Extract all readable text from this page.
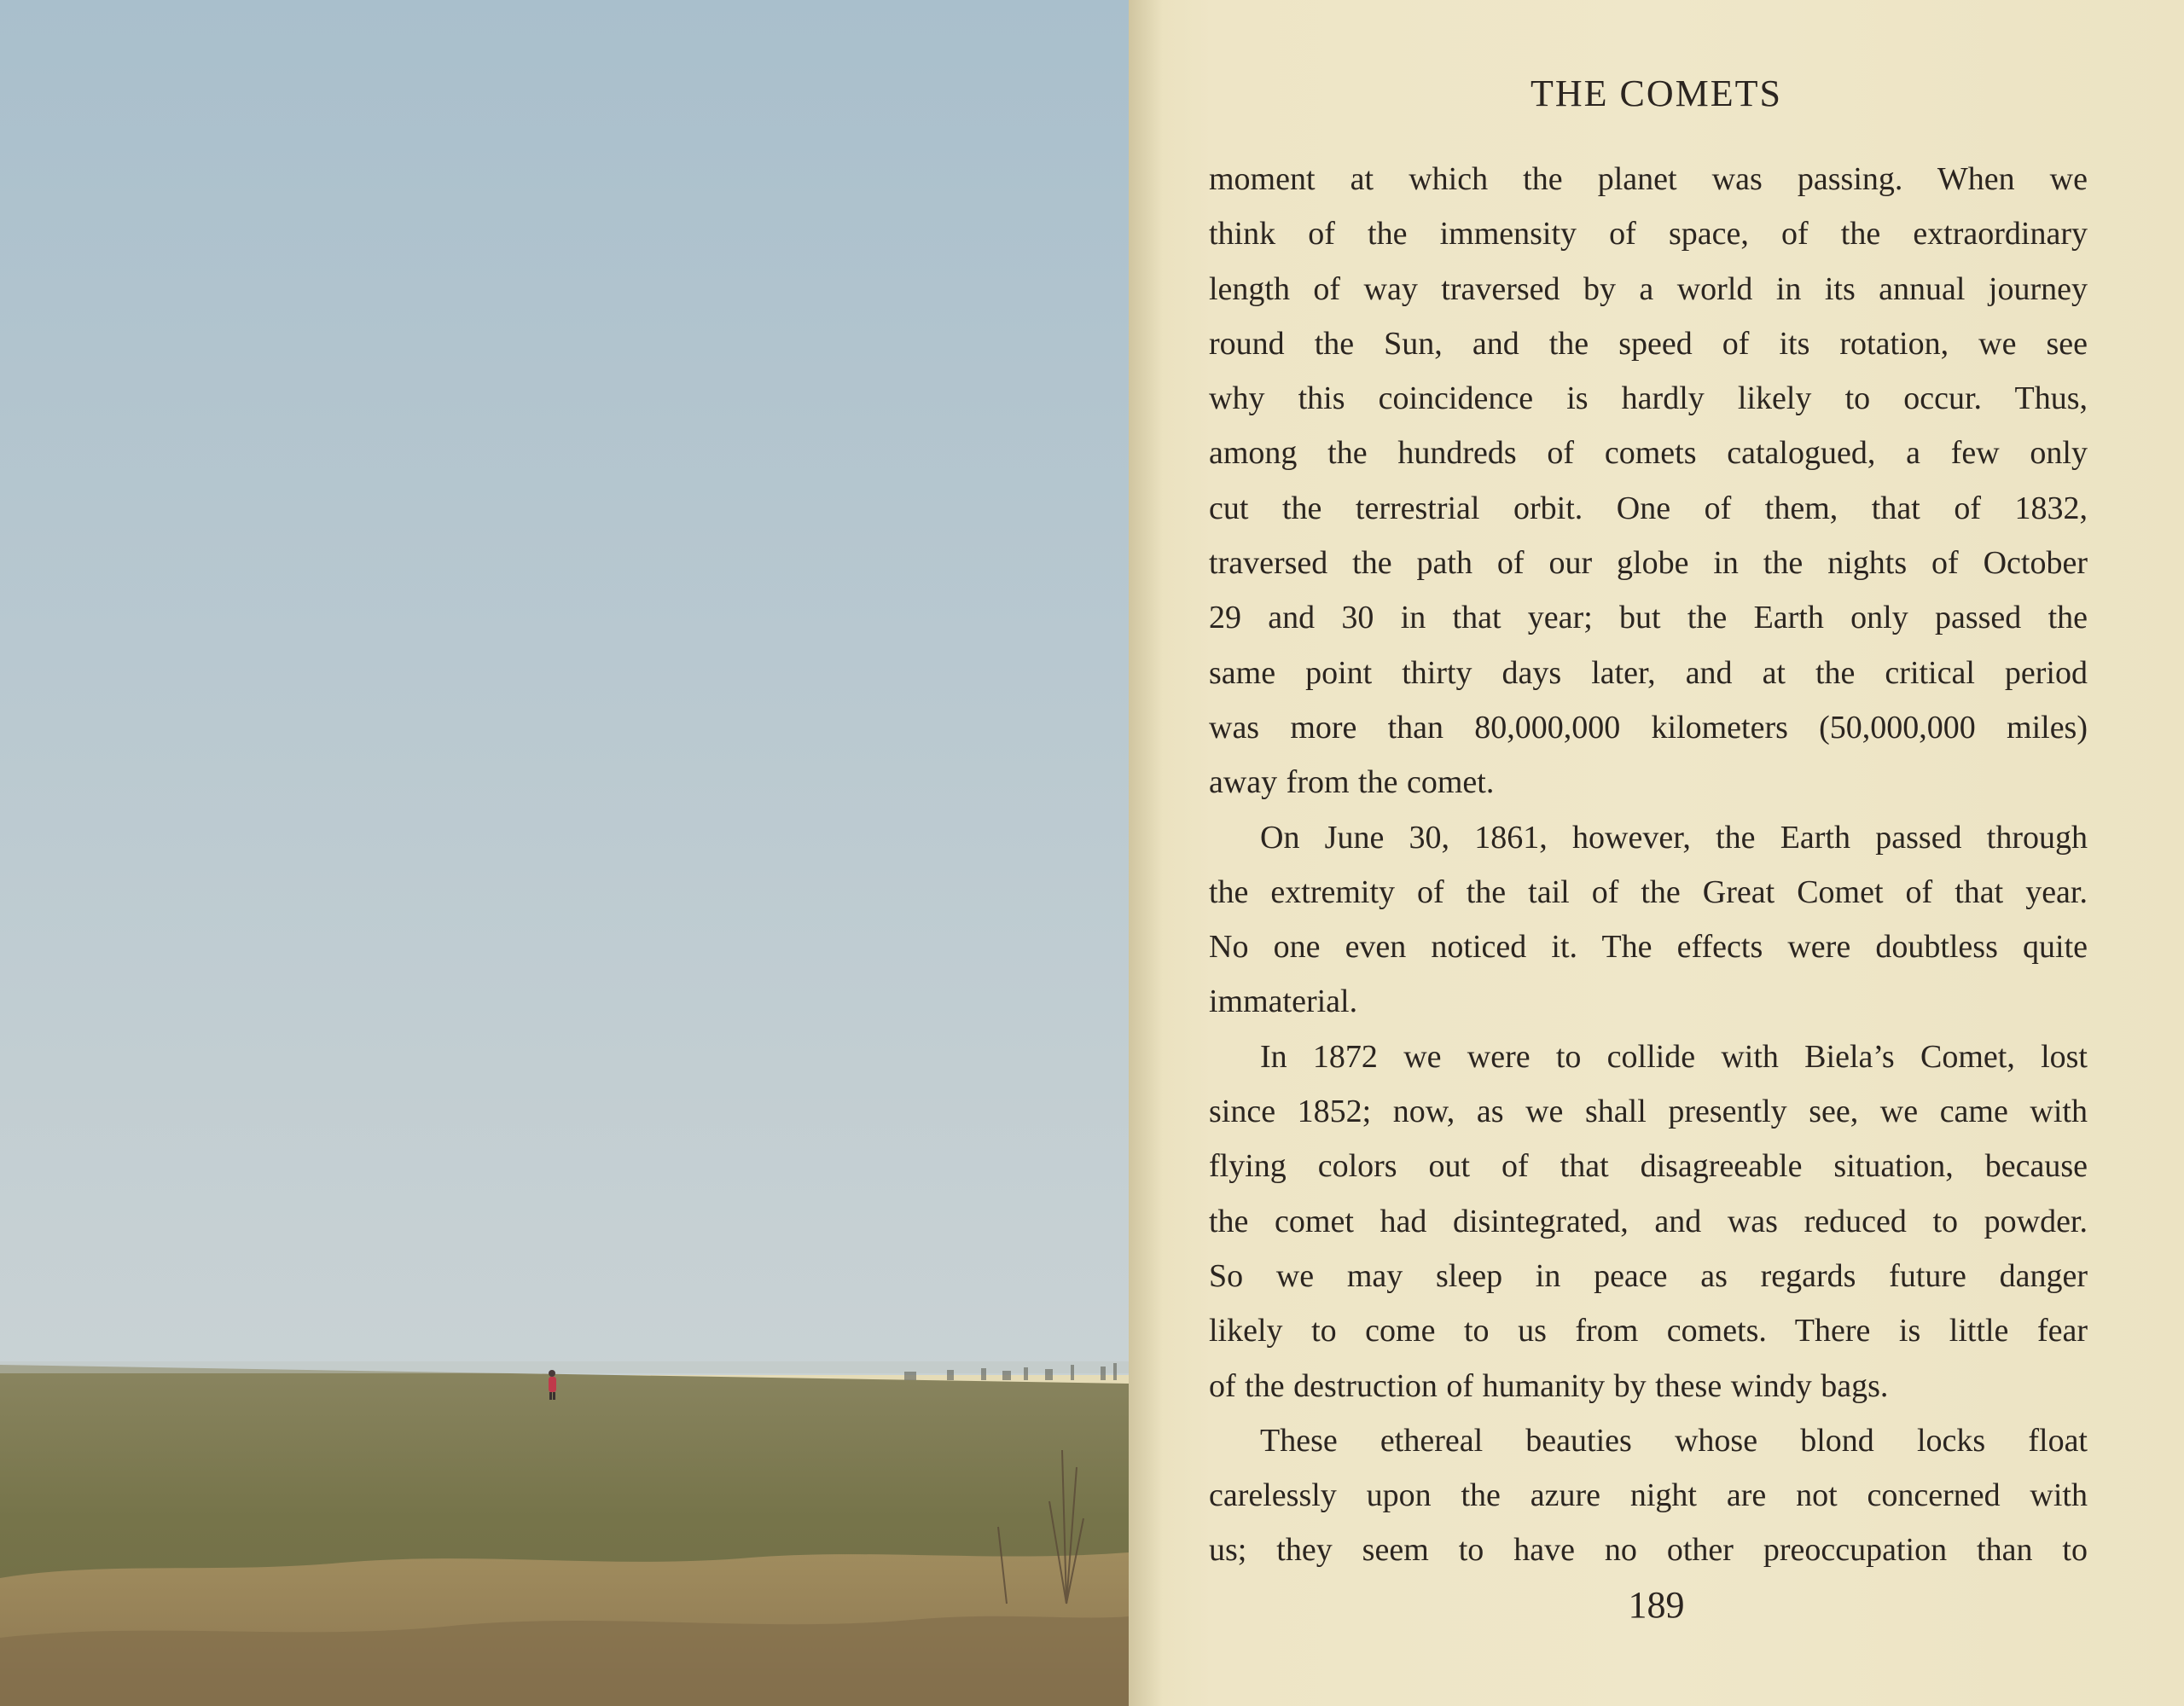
THE COMETS
moment at which the planet was passing. When we
think of the immensity of space, of the extraordinary
length of way traversed by a world in its annual journey
round the Sun, and the speed of its rotation, we see
why this coincidence is hardly likely to occur. Thus,
among the hundreds of comets catalogued, a few only
cut the terrestrial orbit. One of them, that of 1832,
traversed the path of our globe in the nights of October
29 and 30 in that year; but the Earth only passed the
same point thirty days later, and at the critical period
was more than 80,000,000 kilometers (50,000,000 miles)
away from the comet.
On June 30, 1861, however, the Earth passed through
the extremity of the tail of the Great Comet of that year.
No one even noticed it. The effects were doubtless quite
immaterial.
In 1872 we were to collide with Biela’s Comet, lost
since 1852; now, as we shall presently see, we came with
flying colors out of that disagreeable situation, because
the comet had disintegrated, and was reduced to powder.
So we may sleep in peace as regards future danger
likely to come to us from comets. There is little fear
of the destruction of humanity by these windy bags.
These ethereal beauties whose blond locks float
carelessly upon the azure night are not concerned with
us; they seem to have no other preoccupation than to
189
